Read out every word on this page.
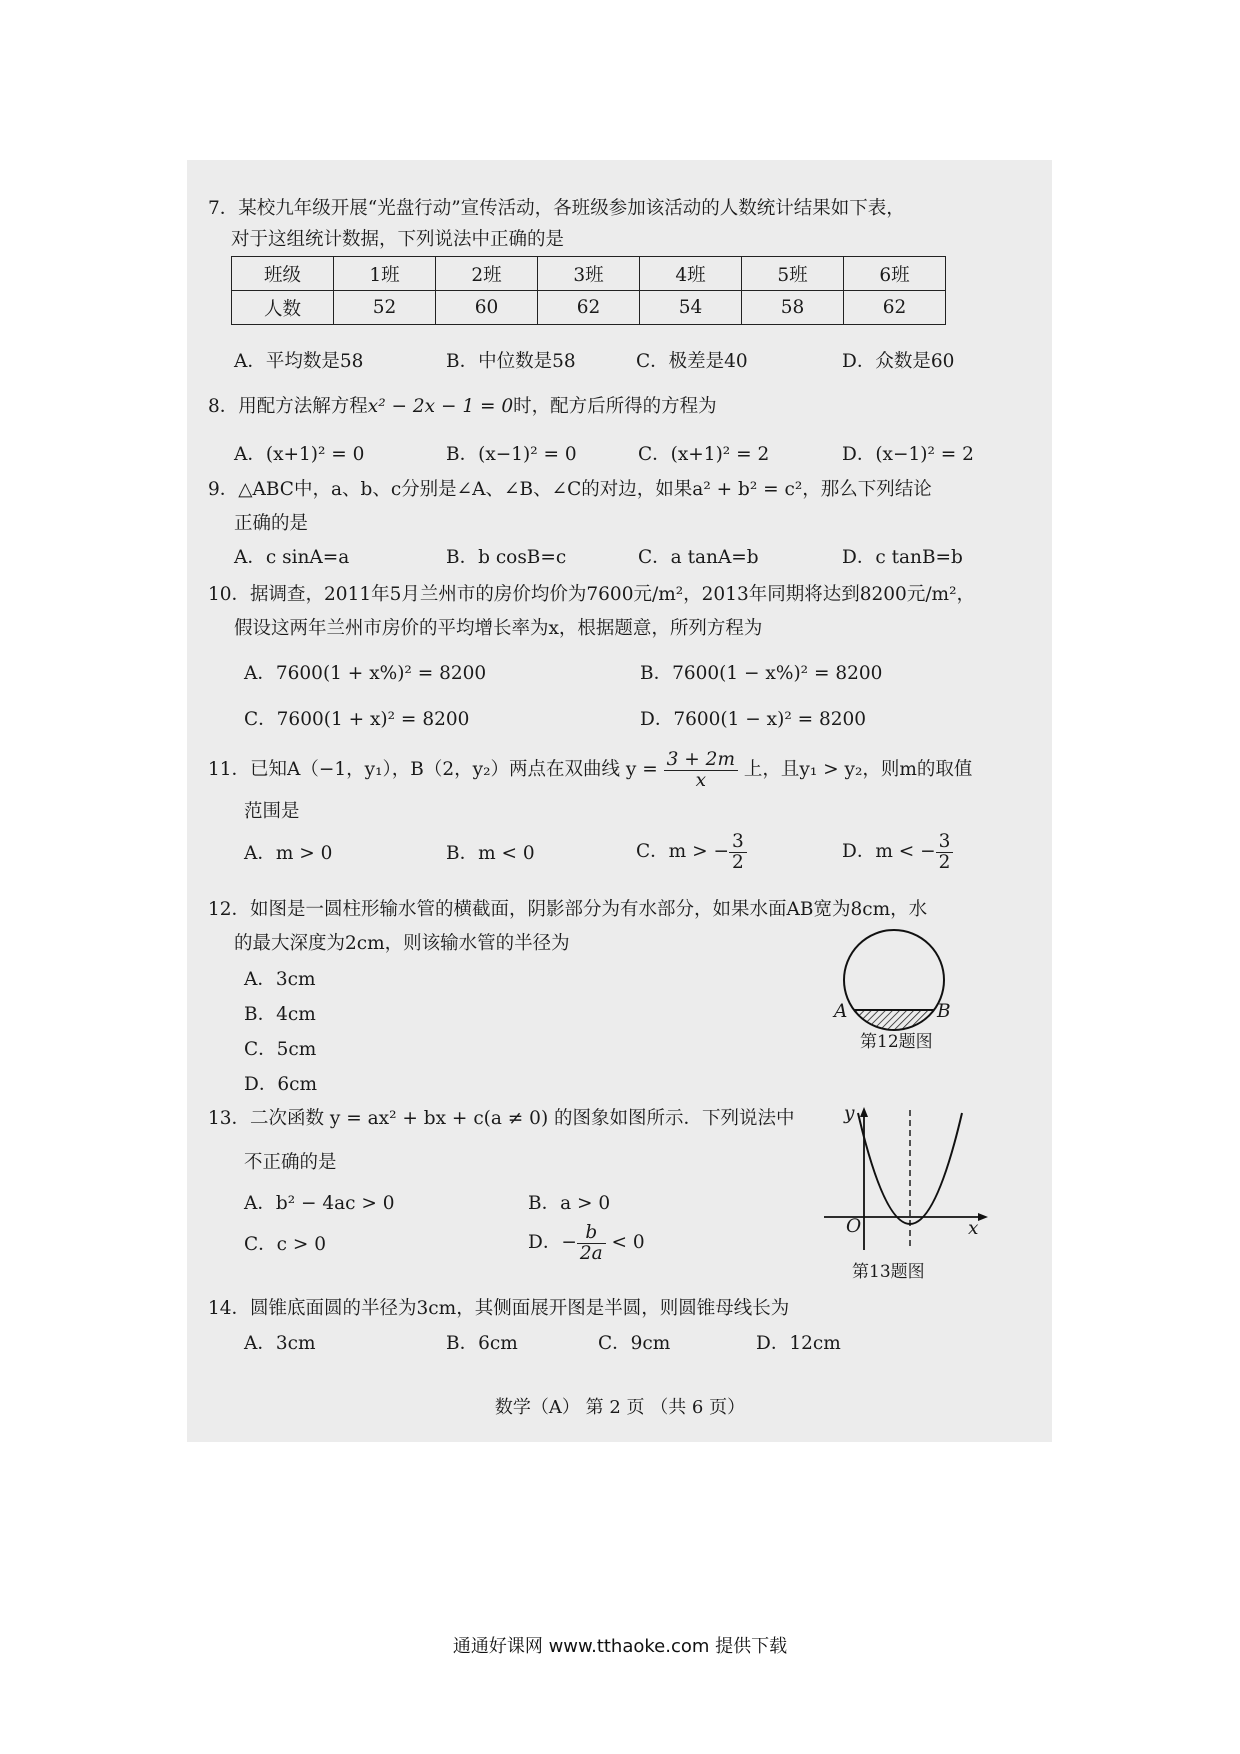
7．某校九年级开展“光盘行动”宣传活动，各班级参加该活动的人数统计结果如下表，
对于这组统计数据，下列说法中正确的是
班级	1班	2班	3班	4班	5班	6班
人数	52	60	62	54	58	62
A．平均数是58	B．中位数是58	C．极差是40	D．众数是60
8．用配方法解方程x² − 2x − 1 = 0时，配方后所得的方程为
A．(x+1)² = 0	B．(x−1)² = 0	C．(x+1)² = 2	D．(x−1)² = 2
9．△ABC中，a、b、c分别是∠A、∠B、∠C的对边，如果a² + b² = c²，那么下列结论
正确的是
A．c sinA=a	B．b cosB=c	C．a tanA=b	D．c tanB=b
10．据调查，2011年5月兰州市的房价均价为7600元/m²，2013年同期将达到8200元/m²，
假设这两年兰州市房价的平均增长率为x，根据题意，所列方程为
A．7600(1 + x%)² = 8200	B．7600(1 − x%)² = 8200
C．7600(1 + x)² = 8200	D．7600(1 − x)² = 8200
11．已知A（−1，y₁），B（2，y₂）两点在双曲线 $y = \frac{3 + 2m}{x}$ 上，且y₁ > y₂，则m的取值
范围是
A．m > 0	B．m < 0	C．m > − $\frac{3}{2}$	D．m < − $\frac{3}{2}$
12．如图是一圆柱形输水管的横截面，阴影部分为有水部分，如果水面AB宽为8cm，水
的最大深度为2cm，则该输水管的半径为
A．3cm
B．4cm
C．5cm
D．6cm
A	B
第12题图
13．二次函数 y = ax² + bx + c(a ≠ 0) 的图象如图所示．下列说法中
不正确的是
A．b² − 4ac > 0	B．a > 0
C．c > 0	D．− $\frac{b}{2a} < 0$
y
x
O
第13题图
14．圆锥底面圆的半径为3cm，其侧面展开图是半圆，则圆锥母线长为
A．3cm	B．6cm	C．9cm	D．12cm
数学（A） 第 2 页 （共 6 页）
通通好课网 www.tthaoke.com 提供下载
